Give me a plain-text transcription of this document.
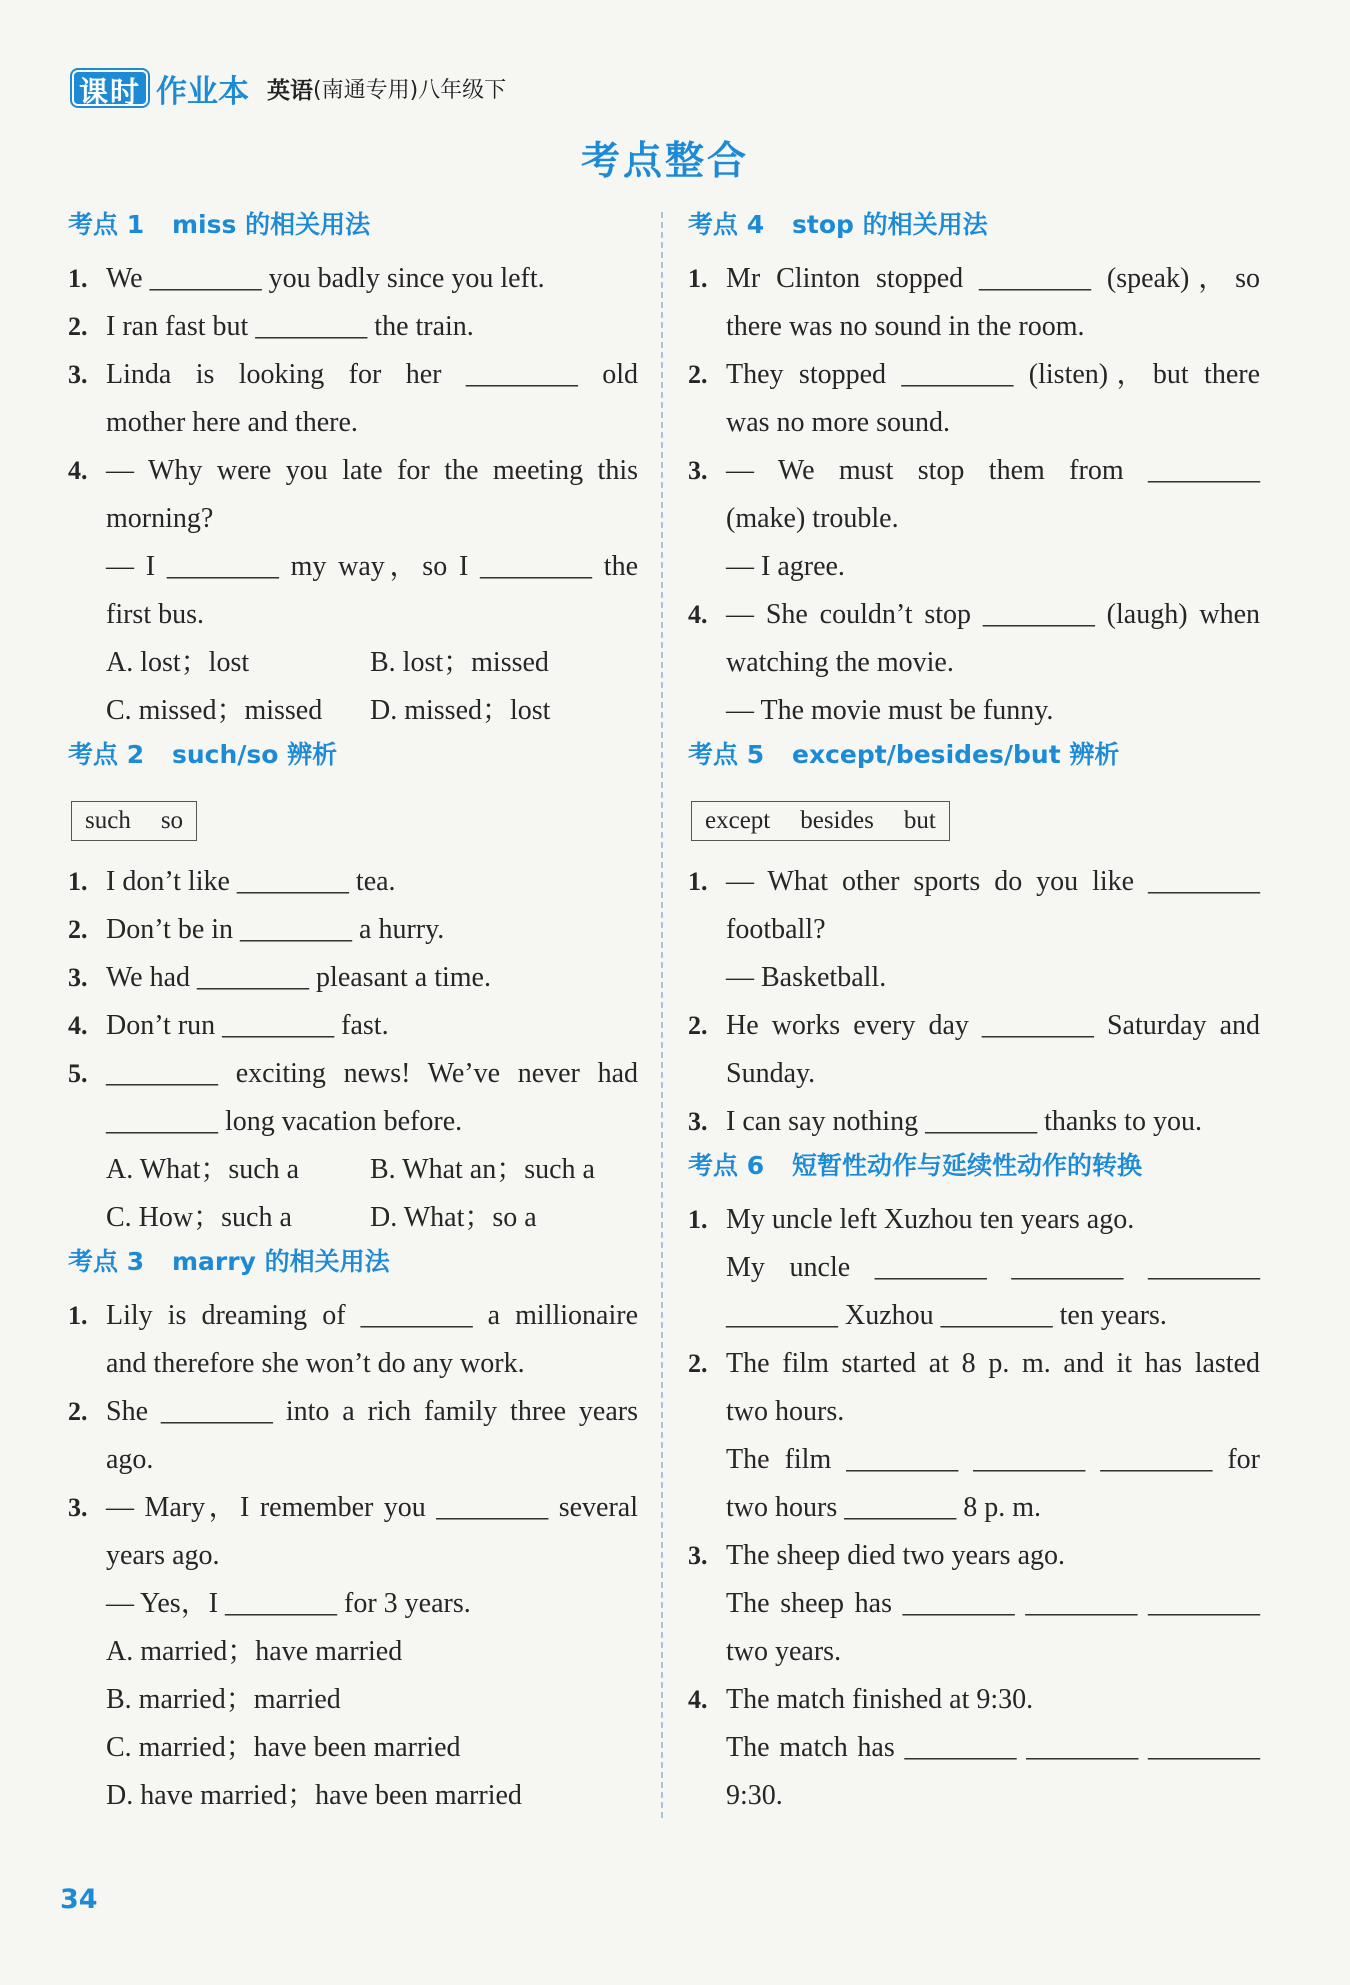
课时 作业本 英语 (南通专用)八年级下
考点整合
考点 1 miss 的相关用法
1. We ________ you badly since you left.
2. I ran fast but ________ the train.
3. Linda is looking for her ________ old
mother here and there.
4. — Why were you late for the meeting this
morning?
— I ________ my way，so I ________ the
first bus.
A. lost；lost	B. lost；missed
C. missed；missed	D. missed；lost
考点 2 such/so 辨析
such so
1. I don’t like ________ tea.
2. Don’t be in ________ a hurry.
3. We had ________ pleasant a time.
4. Don’t run ________ fast.
5. ________ exciting news! We’ve never had
________ long vacation before.
A. What；such a	B. What an；such a
C. How；such a	D. What；so a
考点 3 marry 的相关用法
1. Lily is dreaming of ________ a millionaire
and therefore she won’t do any work.
2. She ________ into a rich family three years
ago.
3. — Mary，I remember you ________ several
years ago.
— Yes，I ________ for 3 years.
A. married；have married
B. married；married
C. married；have been married
D. have married；have been married
考点 4 stop 的相关用法
1. Mr Clinton stopped ________ (speak)，so
there was no sound in the room.
2. They stopped ________ (listen)，but there
was no more sound.
3. — We must stop them from ________
(make) trouble.
— I agree.
4. — She couldn’t stop ________ (laugh) when
watching the movie.
— The movie must be funny.
考点 5 except/besides/but 辨析
except besides but
1. — What other sports do you like ________
football?
— Basketball.
2. He works every day ________ Saturday and
Sunday.
3. I can say nothing ________ thanks to you.
考点 6 短暂性动作与延续性动作的转换
1. My uncle left Xuzhou ten years ago.
My uncle ________ ________ ________
________ Xuzhou ________ ten years.
2. The film started at 8 p. m. and it has lasted
two hours.
The film ________ ________ ________ for
two hours ________ 8 p. m.
3. The sheep died two years ago.
The sheep has ________ ________ ________
two years.
4. The match finished at 9:30.
The match has ________ ________ ________
9:30.
34
